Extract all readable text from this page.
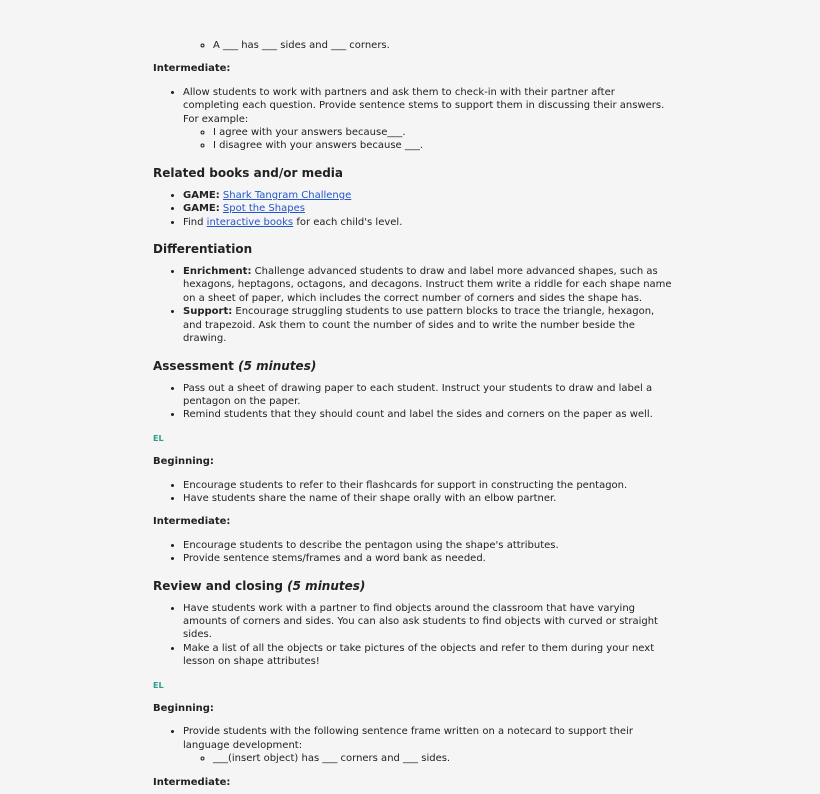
◦ A ___ has ___ sides and ___ corners.
Intermediate:
• Allow students to work with partners and ask them to check-in with their partner after completing each question. Provide sentence stems to support them in discussing their answers. For example:
◦ I agree with your answers because___.
◦ I disagree with your answers because ___.
Related books and/or media
• GAME: Shark Tangram Challenge
• GAME: Spot the Shapes
• Find interactive books for each child's level.
Differentiation
• Enrichment: Challenge advanced students to draw and label more advanced shapes, such as hexagons, heptagons, octagons, and decagons. Instruct them write a riddle for each shape name on a sheet of paper, which includes the correct number of corners and sides the shape has.
• Support: Encourage struggling students to use pattern blocks to trace the triangle, hexagon, and trapezoid. Ask them to count the number of sides and to write the number beside the drawing.
Assessment (5 minutes)
• Pass out a sheet of drawing paper to each student. Instruct your students to draw and label a pentagon on the paper.
• Remind students that they should count and label the sides and corners on the paper as well.
EL
Beginning:
• Encourage students to refer to their flashcards for support in constructing the pentagon.
• Have students share the name of their shape orally with an elbow partner.
Intermediate:
• Encourage students to describe the pentagon using the shape's attributes.
• Provide sentence stems/frames and a word bank as needed.
Review and closing (5 minutes)
• Have students work with a partner to find objects around the classroom that have varying amounts of corners and sides. You can also ask students to find objects with curved or straight sides.
• Make a list of all the objects or take pictures of the objects and refer to them during your next lesson on shape attributes!
EL
Beginning:
• Provide students with the following sentence frame written on a notecard to support their language development:
◦ ___(insert object) has ___ corners and ___ sides.
Intermediate:
